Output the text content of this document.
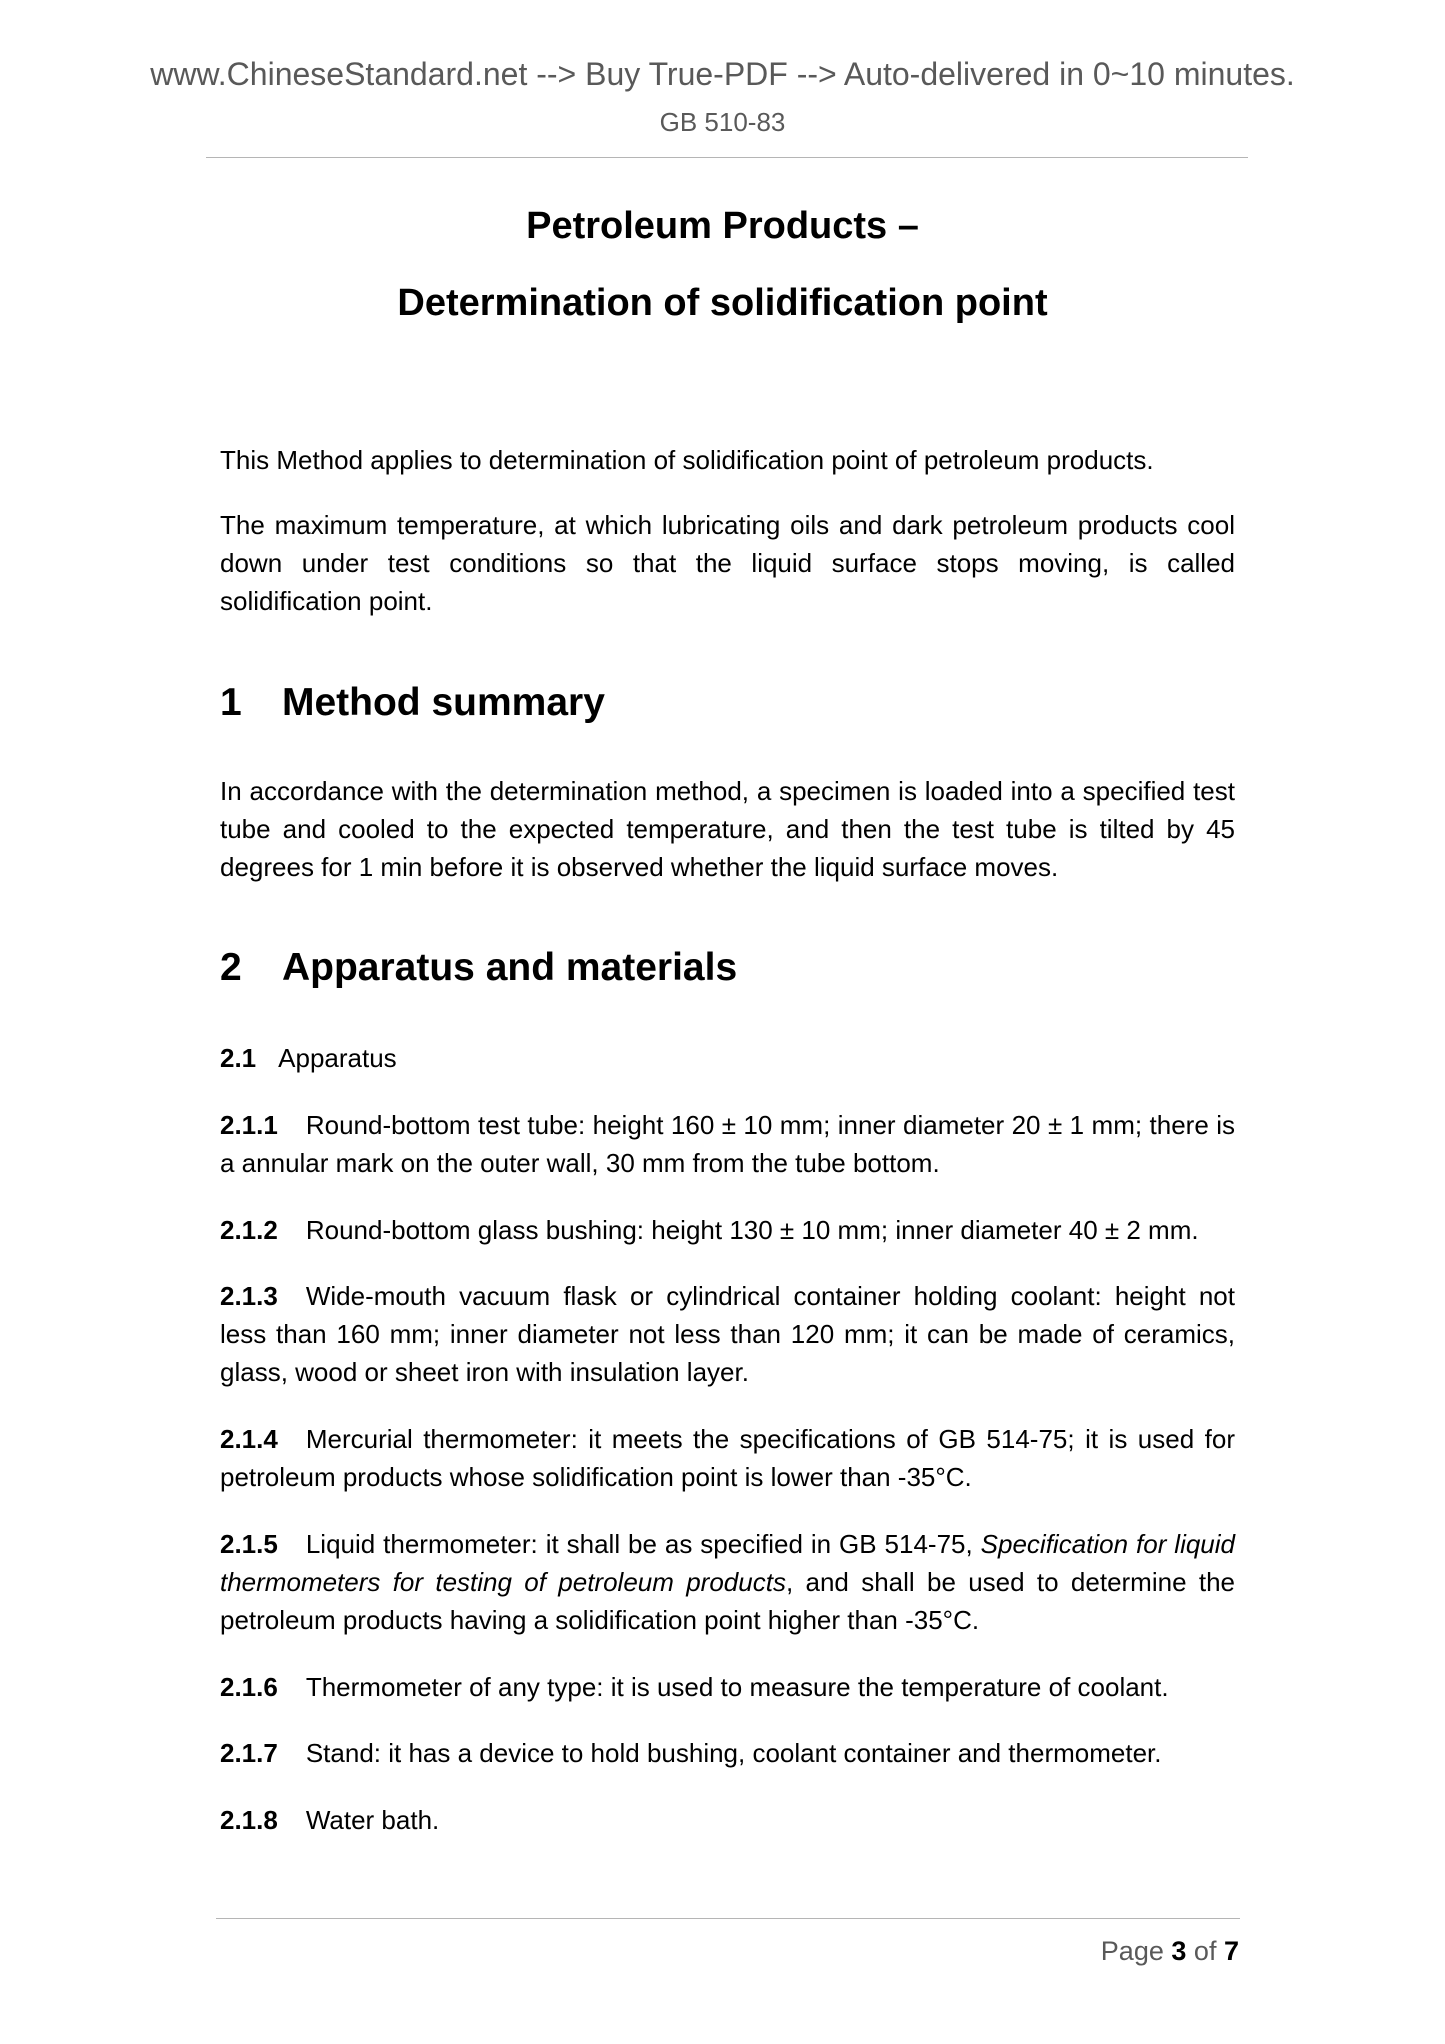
www.ChineseStandard.net --> Buy True-PDF --> Auto-delivered in 0~10 minutes.
GB 510-83
Petroleum Products –
Determination of solidification point

This Method applies to determination of solidification point of petroleum products.

The maximum temperature, at which lubricating oils and dark petroleum products cool down under test conditions so that the liquid surface stops moving, is called solidification point.

1 Method summary

In accordance with the determination method, a specimen is loaded into a specified test tube and cooled to the expected temperature, and then the test tube is tilted by 45 degrees for 1 min before it is observed whether the liquid surface moves.

2 Apparatus and materials

2.1 Apparatus

2.1.1 Round-bottom test tube: height 160 ± 10 mm; inner diameter 20 ± 1 mm; there is a annular mark on the outer wall, 30 mm from the tube bottom.

2.1.2 Round-bottom glass bushing: height 130 ± 10 mm; inner diameter 40 ± 2 mm.

2.1.3 Wide-mouth vacuum flask or cylindrical container holding coolant: height not less than 160 mm; inner diameter not less than 120 mm; it can be made of ceramics, glass, wood or sheet iron with insulation layer.

2.1.4 Mercurial thermometer: it meets the specifications of GB 514-75; it is used for petroleum products whose solidification point is lower than -35°C.

2.1.5 Liquid thermometer: it shall be as specified in GB 514-75, Specification for liquid thermometers for testing of petroleum products, and shall be used to determine the petroleum products having a solidification point higher than -35°C.

2.1.6 Thermometer of any type: it is used to measure the temperature of coolant.

2.1.7 Stand: it has a device to hold bushing, coolant container and thermometer.

2.1.8 Water bath.

Page 3 of 7
